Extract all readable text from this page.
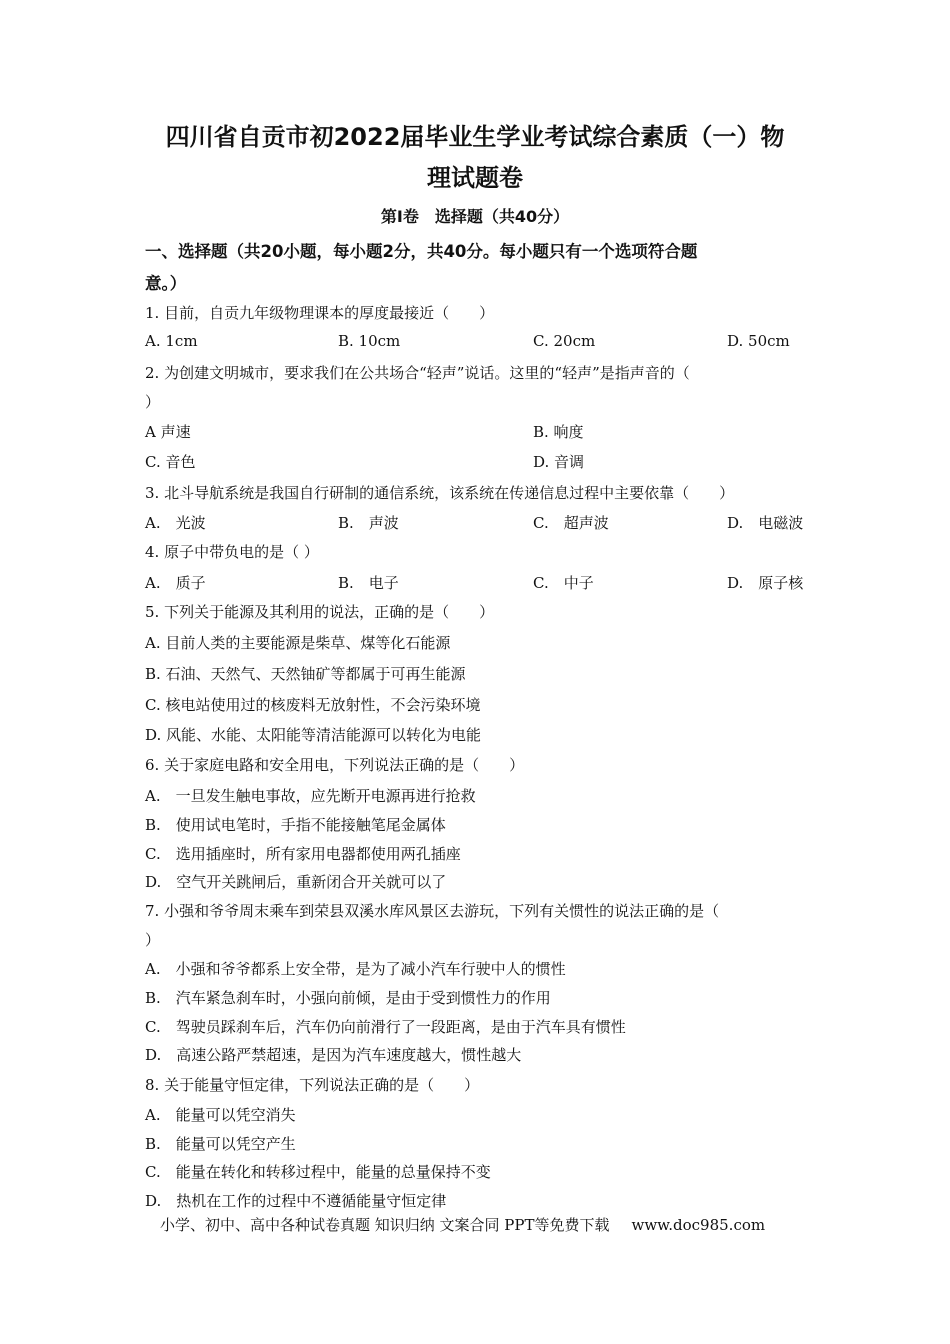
四川省自贡市初2022届毕业生学业考试综合素质（一）物
理试题卷
第Ⅰ卷　选择题（共40分）
一、选择题（共20小题，每小题2分，共40分。每小题只有一个选项符合题
意。）
1. 目前，自贡九年级物理课本的厚度最接近（　　）
A. 1cm	B. 10cm	C. 20cm	D. 50cm
2. 为创建文明城市，要求我们在公共场合“轻声”说话。这里的“轻声”是指声音的（
）
A 声速	B. 响度
C. 音色	D. 音调
3. 北斗导航系统是我国自行研制的通信系统，该系统在传递信息过程中主要依靠（　　）
A.　光波	B.　声波	C.　超声波	D.　电磁波
4. 原子中带负电的是（ ）
A.　质子	B.　电子	C.　中子	D.　原子核
5. 下列关于能源及其利用的说法，正确的是（　　）
A. 目前人类的主要能源是柴草、煤等化石能源
B. 石油、天然气、天然铀矿等都属于可再生能源
C. 核电站使用过的核废料无放射性，不会污染环境
D. 风能、水能、太阳能等清洁能源可以转化为电能
6. 关于家庭电路和安全用电，下列说法正确的是（　　）
A.　一旦发生触电事故，应先断开电源再进行抢救
B.　使用试电笔时，手指不能接触笔尾金属体
C.　选用插座时，所有家用电器都使用两孔插座
D.　空气开关跳闸后，重新闭合开关就可以了
7. 小强和爷爷周末乘车到荣县双溪水库风景区去游玩，下列有关惯性的说法正确的是（
）
A.　小强和爷爷都系上安全带，是为了减小汽车行驶中人的惯性
B.　汽车紧急刹车时，小强向前倾，是由于受到惯性力的作用
C.　驾驶员踩刹车后，汽车仍向前滑行了一段距离，是由于汽车具有惯性
D.　高速公路严禁超速，是因为汽车速度越大，惯性越大
8. 关于能量守恒定律，下列说法正确的是（　　）
A.　能量可以凭空消失
B.　能量可以凭空产生
C.　能量在转化和转移过程中，能量的总量保持不变
D.　热机在工作的过程中不遵循能量守恒定律
小学、初中、高中各种试卷真题 知识归纳 文案合同 PPT等免费下载 www.doc985.com
